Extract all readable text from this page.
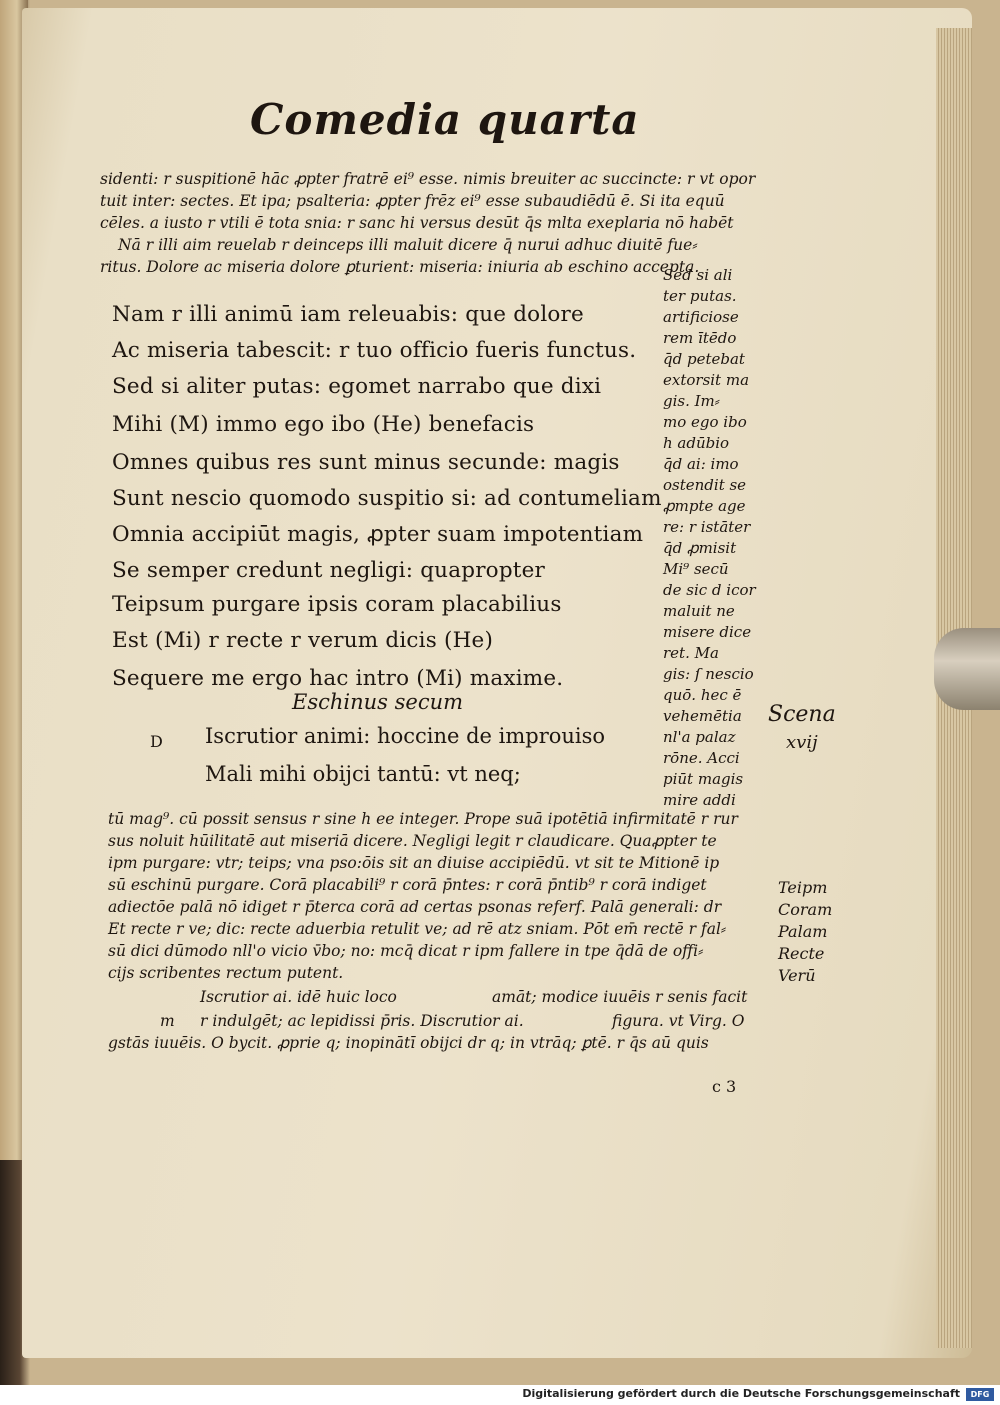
Comedia quarta
sidenti: r suspitionē hāc ꝓpter fratrē ei⁹ esse. nimis breuiter ac succincte: r vt opor
tuit inter: sectes. Et ipa; psalteria: ꝓpter frēz ei⁹ esse subaudiēdū ē. Si ita equū
cēles. a iusto r vtili ē tota snia: r sanc hi versus desūt q̄s mlta exeplaria nō habēt
Nā r illi aim reuelab r deinceps illi maluit dicere q̄ nurui adhuc diuitē fue⸗
ritus. Dolore ac miseria dolore ꝑturient: miseria: iniuria ab eschino accepta.
Nam r illi animū iam releuabis: que dolore
Ac miseria tabescit: r tuo officio fueris functus.
Sed si aliter putas: egomet narrabo que dixi
Mihi (M) immo ego ibo (He) benefacis
Omnes quibus res sunt minus secunde: magis
Sunt nescio quomodo suspitio si: ad contumeliam
Omnia accipiūt magis, ꝓpter suam impotentiam
Se semper credunt negligi: quapropter
Teipsum purgare ipsis coram placabilius
Est (Mi) r recte r verum dicis (He)
Sequere me ergo hac intro (Mi) maxime.
Eschinus secum
D Iscrutior animi: hoccine de improuiso
Mali mihi obijci tantū: vt neq;
Sed si ali
ter putas.
artificiose
rem ītēdo
q̄d petebat
extorsit ma
gis. Im⸗
mo ego ibo
h adūbio
q̄d ai: imo
ostendit se
ꝓmpte age
re: r istāter
q̄d ꝓmisit
Mi⁹ secū
de sic d icor
maluit ne
misere dice
ret. Ma
gis: ſ nescio
quō. hec ē
vehemētia
nl'a palaz
rōne. Acci
piūt magis
mire addi
Scena
xvij
tū mag⁹. cū possit sensus r sine h ee integer. Prope suā ipotētiā infirmitatē r rur
sus noluit hūilitatē aut miseriā dicere. Negligi legit r claudicare. Quaꝓpter te
ipm purgare: vtr; teips; vna pso:ōis sit an diuise accipiēdū. vt sit te Mitionē ip
sū eschinū purgare. Corā placabili⁹ r corā p̄ntes: r corā p̄ntib⁹ r corā indiget
adiectōe palā nō idiget r p̄terca corā ad certas psonas referf. Palā generali: dr
Et recte r ve; dic: recte aduerbia retulit ve; ad rē atz sniam. Pōt em̄ rectē r fal⸗
sū dici dūmodo nll'o vicio v̄bo; no: mcq̄ dicat r ipm fallere in tpe q̄dā de offi⸗
cijs scribentes rectum putent.
Iscrutior ai. idē huic loco	amāt; modice iuuēis r senis facit
m r indulgēt; ac lepidissi p̄ris. Discrutior ai.	figura. vt Virg. O
gstās iuuēis. O bycit. ꝓprie q; inopinātī obijci dr q; in vtrāq; ꝑtē. r q̄s aū quis
Teipm
Coram
Palam
Recte
Verū
c 3
Digitalisierung gefördert durch die Deutsche Forschungsgemeinschaft	DFG
